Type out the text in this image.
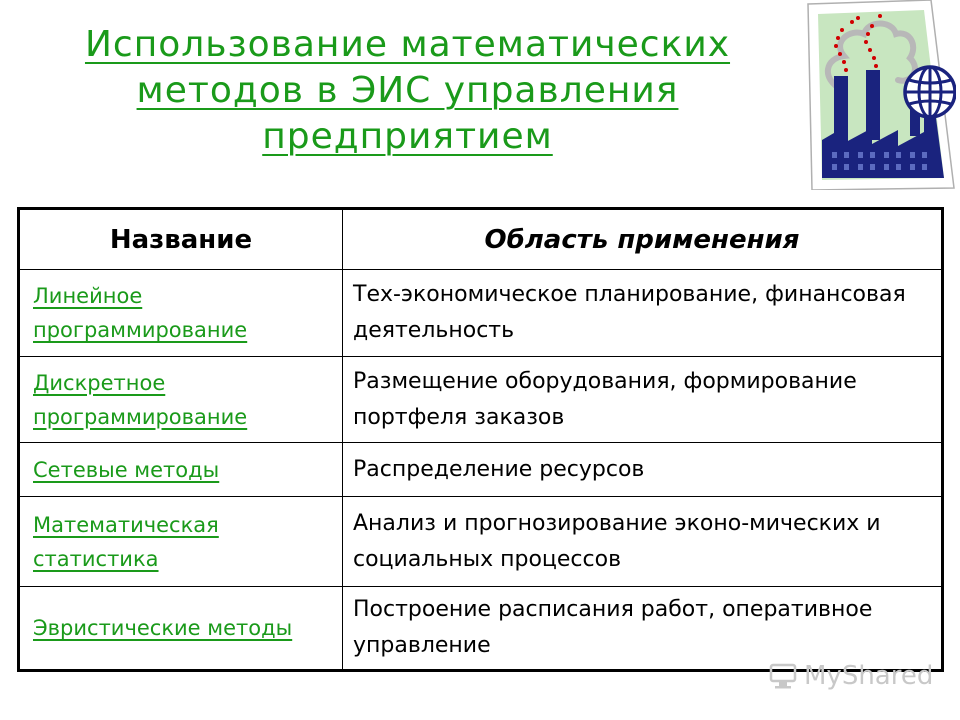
Использование математических методов в ЭИС управления предприятием
Название	Область применения
Линейное программирование	Тех-экономическое планирование, финансовая деятельность
Дискретное программирование	Размещение оборудования, формирование портфеля заказов
Сетевые методы	Распределение ресурсов
Математическая статистика	Анализ и прогнозирование эконо-мических и социальных процессов
Эвристические методы	Построение расписания работ, оперативное управление
MyShared
